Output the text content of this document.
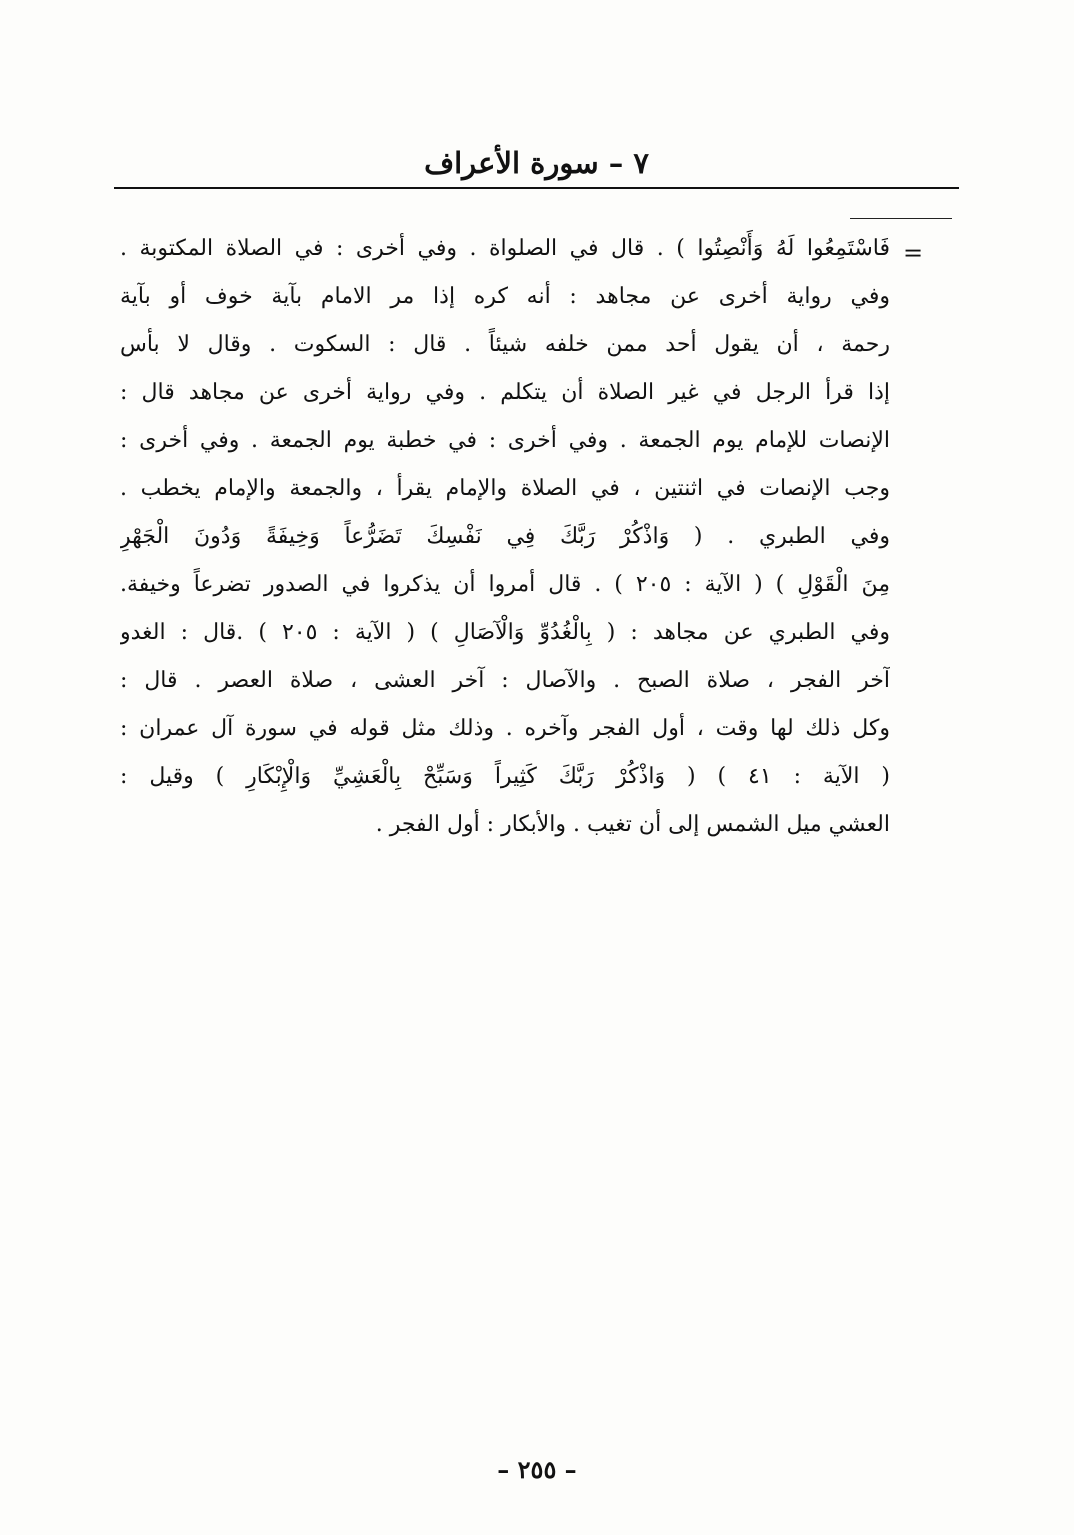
٧ – سورة الأعراف
=
فَاسْتَمِعُوا لَهُ وَأَنْصِتُوا ) . قال في الصلواة . وفي أخرى : في الصلاة المكتوبة .
وفي رواية أخرى عن مجاهد : أنه كره إذا مر الامام بآية خوف أو بآية
رحمة ، أن يقول أحد ممن خلفه شيئاً . قال : السكوت . وقال لا بأس
إذا قرأ الرجل في غير الصلاة أن يتكلم . وفي رواية أخرى عن مجاهد قال :
الإنصات للإمام يوم الجمعة . وفي أخرى : في خطبة يوم الجمعة . وفي أخرى :
وجب الإنصات في اثنتين ، في الصلاة والإمام يقرأ ، والجمعة والإمام يخطب .
وفي الطبري . ( وَاذْكُرْ رَبَّكَ فِي نَفْسِكَ تَضَرُّعاً وَخِيفَةً وَدُونَ الْجَهْرِ
مِنَ الْقَوْلِ ) ( الآية : ٢٠٥ ) . قال أمروا أن يذكروا في الصدور تضرعاً وخيفة.
وفي الطبري عن مجاهد : ( بِالْغُدُوِّ وَالْآصَالِ ) ( الآية : ٢٠٥ ) .قال : الغدو
آخر الفجر ، صلاة الصبح . والآصال : آخر العشى ، صلاة العصر . قال :
وكل ذلك لها وقت ، أول الفجر وآخره . وذلك مثل قوله في سورة آل عمران :
( الآية : ٤١ ) ( وَاذْكُرْ رَبَّكَ كَثِيراً وَسَبِّحْ بِالْعَشِيِّ وَالْإِبْكَارِ ) وقيل :
العشي ميل الشمس إلى أن تغيب . والأبكار : أول الفجر .
– ٢٥٥ –
